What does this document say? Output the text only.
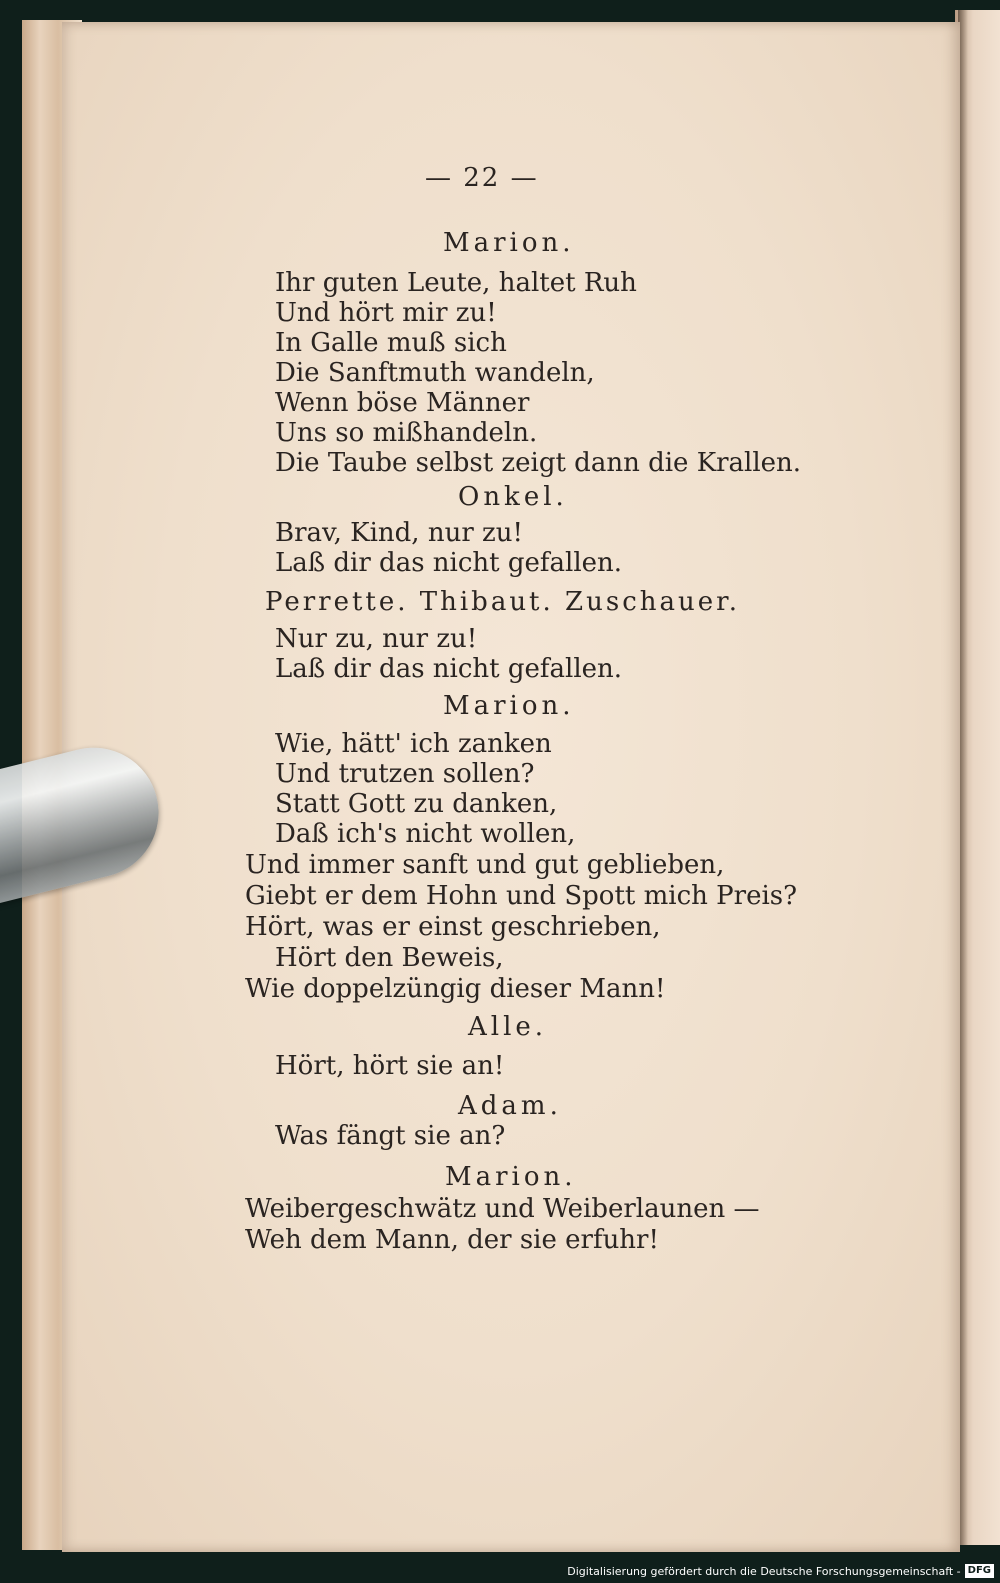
— 22 —
Marion.
Ihr guten Leute, haltet Ruh
Und hört mir zu!
In Galle muß sich
Die Sanftmuth wandeln,
Wenn böse Männer
Uns so mißhandeln.
Die Taube selbst zeigt dann die Krallen.
Onkel.
Brav, Kind, nur zu!
Laß dir das nicht gefallen.
Perrette. Thibaut. Zuschauer.
Nur zu, nur zu!
Laß dir das nicht gefallen.
Marion.
Wie, hätt' ich zanken
Und trutzen sollen?
Statt Gott zu danken,
Daß ich's nicht wollen,
Und immer sanft und gut geblieben,
Giebt er dem Hohn und Spott mich Preis?
Hört, was er einst geschrieben,
Hört den Beweis,
Wie doppelzüngig dieser Mann!
Alle.
Hört, hört sie an!
Adam.
Was fängt sie an?
Marion.
Weibergeschwätz und Weiberlaunen —
Weh dem Mann, der sie erfuhr!
Digitalisierung gefördert durch die Deutsche Forschungsgemeinschaft - DFG
